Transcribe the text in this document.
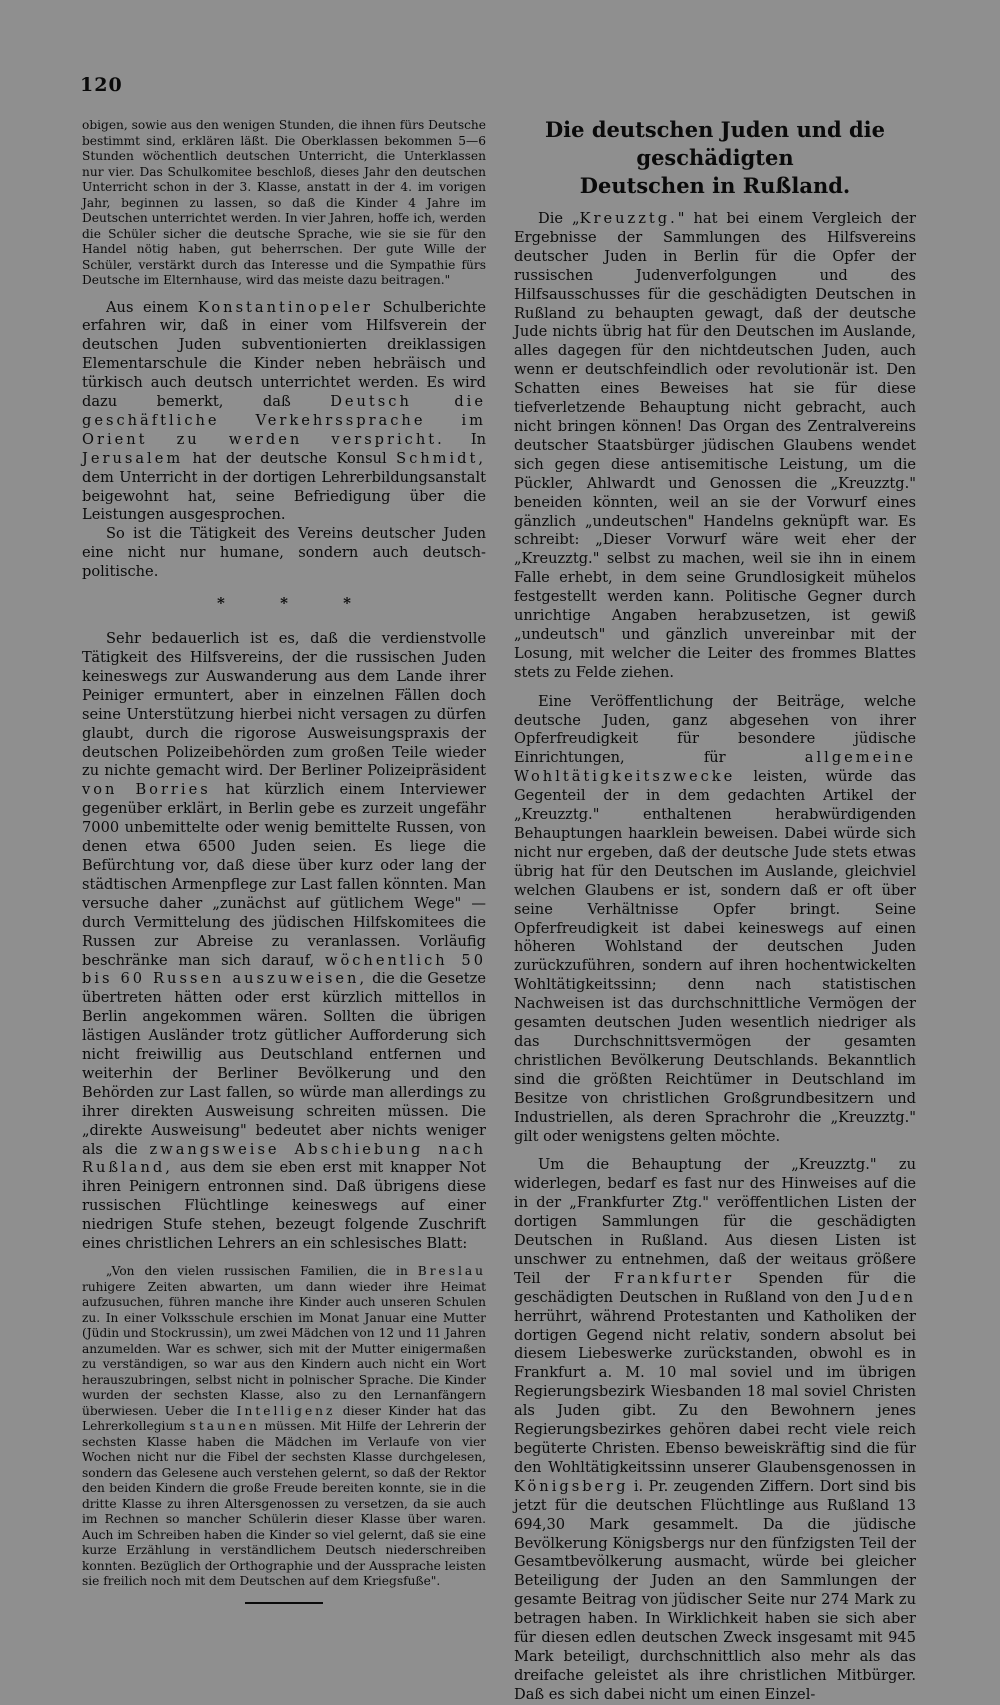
120

obigen, sowie aus den wenigen Stunden, die ihnen fürs Deutsche bestimmt sind, erklären läßt. Die Oberklassen bekommen 5—6 Stunden wöchentlich deutschen Unterricht, die Unterklassen nur vier. Das Schulkomitee beschloß, dieses Jahr den deutschen Unterricht schon in der 3. Klasse, anstatt in der 4. im vorigen Jahr, beginnen zu lassen, so daß die Kinder 4 Jahre im Deutschen unterrichtet werden. In vier Jahren, hoffe ich, werden die Schüler sicher die deutsche Sprache, wie sie sie für den Handel nötig haben, gut beherrschen. Der gute Wille der Schüler, verstärkt durch das Interesse und die Sympathie fürs Deutsche im Elternhause, wird das meiste dazu beitragen."

Aus einem Konstantinopeler Schulberichte erfahren wir, daß in einer vom Hilfsverein der deutschen Juden subventionierten dreiklassigen Elementarschule die Kinder neben hebräisch und türkisch auch deutsch unterrichtet werden. Es wird dazu bemerkt, daß Deutsch die geschäftliche Verkehrssprache im Orient zu werden verspricht. In Jerusalem hat der deutsche Konsul Schmidt, dem Unterricht in der dortigen Lehrerbildungsanstalt beigewohnt hat, seine Befriedigung über die Leistungen ausgesprochen.

So ist die Tätigkeit des Vereins deutscher Juden eine nicht nur humane, sondern auch deutsch-politische.

* * *

Sehr bedauerlich ist es, daß die verdienstvolle Tätigkeit des Hilfsvereins, der die russischen Juden keineswegs zur Auswanderung aus dem Lande ihrer Peiniger ermuntert, aber in einzelnen Fällen doch seine Unterstützung hierbei nicht versagen zu dürfen glaubt, durch die rigorose Ausweisungspraxis der deutschen Polizeibehörden zum großen Teile wieder zu nichte gemacht wird. Der Berliner Polizeipräsident von Borries hat kürzlich einem Interviewer gegenüber erklärt, in Berlin gebe es zurzeit ungefähr 7000 unbemittelte oder wenig bemittelte Russen, von denen etwa 6500 Juden seien. Es liege die Befürchtung vor, daß diese über kurz oder lang der städtischen Armenpflege zur Last fallen könnten. Man versuche daher „zunächst auf gütlichem Wege" — durch Vermittelung des jüdischen Hilfskomitees die Russen zur Abreise zu veranlassen. Vorläufig beschränke man sich darauf, wöchentlich 50 bis 60 Russen auszuweisen, die die Gesetze übertreten hätten oder erst kürzlich mittellos in Berlin angekommen wären. Sollten die übrigen lästigen Ausländer trotz gütlicher Aufforderung sich nicht freiwillig aus Deutschland entfernen und weiterhin der Berliner Bevölkerung und den Behörden zur Last fallen, so würde man allerdings zu ihrer direkten Ausweisung schreiten müssen. Die „direkte Ausweisung" bedeutet aber nichts weniger als die zwangsweise Abschiebung nach Rußland, aus dem sie eben erst mit knapper Not ihren Peinigern entronnen sind. Daß übrigens diese russischen Flüchtlinge keineswegs auf einer niedrigen Stufe stehen, bezeugt folgende Zuschrift eines christlichen Lehrers an ein schlesisches Blatt:

„Von den vielen russischen Familien, die in Breslau ruhigere Zeiten abwarten, um dann wieder ihre Heimat aufzusuchen, führen manche ihre Kinder auch unseren Schulen zu. In einer Volksschule erschien im Monat Januar eine Mutter (Jüdin und Stockrussin), um zwei Mädchen von 12 und 11 Jahren anzumelden. War es schwer, sich mit der Mutter einigermaßen zu verständigen, so war aus den Kindern auch nicht ein Wort herauszubringen, selbst nicht in polnischer Sprache. Die Kinder wurden der sechsten Klasse, also zu den Lernanfängern überwiesen. Ueber die Intelligenz dieser Kinder hat das Lehrerkollegium staunen müssen. Mit Hilfe der Lehrerin der sechsten Klasse haben die Mädchen im Verlaufe von vier Wochen nicht nur die Fibel der sechsten Klasse durchgelesen, sondern das Gelesene auch verstehen gelernt, so daß der Rektor den beiden Kindern die große Freude bereiten konnte, sie in die dritte Klasse zu ihren Altersgenossen zu versetzen, da sie auch im Rechnen so mancher Schülerin dieser Klasse über waren. Auch im Schreiben haben die Kinder so viel gelernt, daß sie eine kurze Erzählung in verständlichem Deutsch niederschreiben konnten. Bezüglich der Orthographie und der Aussprache leisten sie freilich noch mit dem Deutschen auf dem Kriegsfuße".

Die deutschen Juden und die geschädigten
Deutschen in Rußland.

Die „Kreuzztg." hat bei einem Vergleich der Ergebnisse der Sammlungen des Hilfsvereins deutscher Juden in Berlin für die Opfer der russischen Judenverfolgungen und des Hilfsausschusses für die geschädigten Deutschen in Rußland zu behaupten gewagt, daß der deutsche Jude nichts übrig hat für den Deutschen im Auslande, alles dagegen für den nichtdeutschen Juden, auch wenn er deutschfeindlich oder revolutionär ist. Den Schatten eines Beweises hat sie für diese tiefverletzende Behauptung nicht gebracht, auch nicht bringen können! Das Organ des Zentralvereins deutscher Staatsbürger jüdischen Glaubens wendet sich gegen diese antisemitische Leistung, um die Pückler, Ahlwardt und Genossen die „Kreuzztg." beneiden könnten, weil an sie der Vorwurf eines gänzlich „undeutschen" Handelns geknüpft war. Es schreibt: „Dieser Vorwurf wäre weit eher der „Kreuzztg." selbst zu machen, weil sie ihn in einem Falle erhebt, in dem seine Grundlosigkeit mühelos festgestellt werden kann. Politische Gegner durch unrichtige Angaben herabzusetzen, ist gewiß „undeutsch" und gänzlich unvereinbar mit der Losung, mit welcher die Leiter des frommes Blattes stets zu Felde ziehen.

Eine Veröffentlichung der Beiträge, welche deutsche Juden, ganz abgesehen von ihrer Opferfreudigkeit für besondere jüdische Einrichtungen, für allgemeine Wohltätigkeitszwecke leisten, würde das Gegenteil der in dem gedachten Artikel der „Kreuzztg." enthaltenen herabwürdigenden Behauptungen haarklein beweisen. Dabei würde sich nicht nur ergeben, daß der deutsche Jude stets etwas übrig hat für den Deutschen im Auslande, gleichviel welchen Glaubens er ist, sondern daß er oft über seine Verhältnisse Opfer bringt. Seine Opferfreudigkeit ist dabei keineswegs auf einen höheren Wohlstand der deutschen Juden zurückzuführen, sondern auf ihren hochentwickelten Wohltätigkeitssinn; denn nach statistischen Nachweisen ist das durchschnittliche Vermögen der gesamten deutschen Juden wesentlich niedriger als das Durchschnittsvermögen der gesamten christlichen Bevölkerung Deutschlands. Bekanntlich sind die größten Reichtümer in Deutschland im Besitze von christlichen Großgrundbesitzern und Industriellen, als deren Sprachrohr die „Kreuzztg." gilt oder wenigstens gelten möchte.

Um die Behauptung der „Kreuzztg." zu widerlegen, bedarf es fast nur des Hinweises auf die in der „Frankfurter Ztg." veröffentlichen Listen der dortigen Sammlungen für die geschädigten Deutschen in Rußland. Aus diesen Listen ist unschwer zu entnehmen, daß der weitaus größere Teil der Frankfurter Spenden für die geschädigten Deutschen in Rußland von den Juden herrührt, während Protestanten und Katholiken der dortigen Gegend nicht relativ, sondern absolut bei diesem Liebeswerke zurückstanden, obwohl es in Frankfurt a. M. 10 mal soviel und im übrigen Regierungsbezirk Wiesbanden 18 mal soviel Christen als Juden gibt. Zu den Bewohnern jenes Regierungsbezirkes gehören dabei recht viele reich begüterte Christen. Ebenso beweiskräftig sind die für den Wohltätigkeitssinn unserer Glaubensgenossen in Königsberg i. Pr. zeugenden Ziffern. Dort sind bis jetzt für die deutschen Flüchtlinge aus Rußland 13 694,30 Mark gesammelt. Da die jüdische Bevölkerung Königsbergs nur den fünfzigsten Teil der Gesamtbevölkerung ausmacht, würde bei gleicher Beteiligung der Juden an den Sammlungen der gesamte Beitrag von jüdischer Seite nur 274 Mark zu betragen haben. In Wirklichkeit haben sie sich aber für diesen edlen deutschen Zweck insgesamt mit 945 Mark beteiligt, durchschnittlich also mehr als das dreifache geleistet als ihre christlichen Mitbürger. Daß es sich dabei nicht um einen Einzel-
